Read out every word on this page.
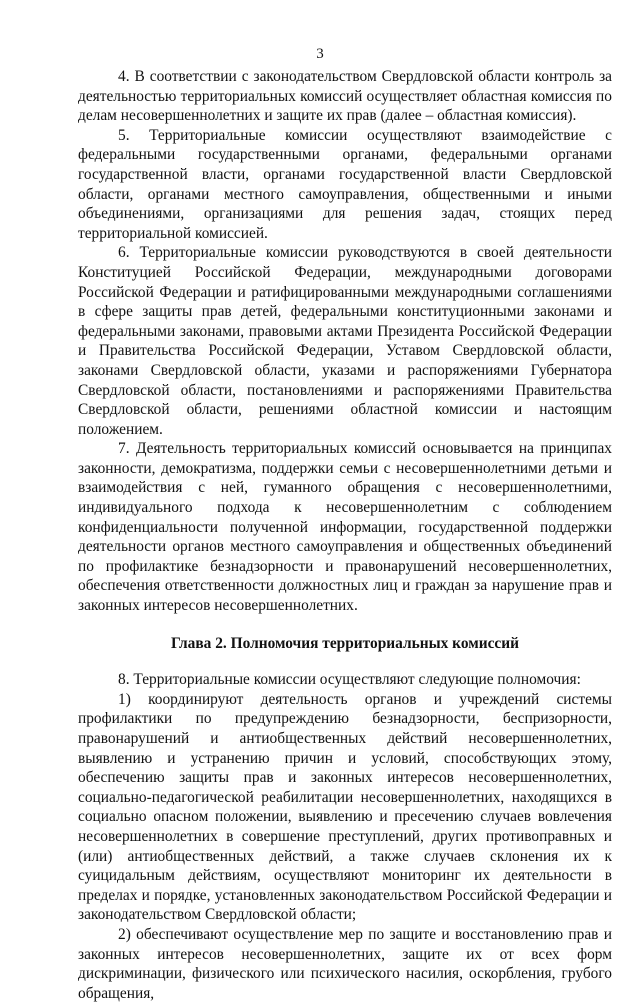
3

4. В соответствии с законодательством Свердловской области контроль за деятельностью территориальных комиссий осуществляет областная комиссия по делам несовершеннолетних и защите их прав (далее – областная комиссия).

5. Территориальные комиссии осуществляют взаимодействие с федеральными государственными органами, федеральными органами государственной власти, органами государственной власти Свердловской области, органами местного самоуправления, общественными и иными объединениями, организациями для решения задач, стоящих перед территориальной комиссией.

6. Территориальные комиссии руководствуются в своей деятельности Конституцией Российской Федерации, международными договорами Российской Федерации и ратифицированными международными соглашениями в сфере защиты прав детей, федеральными конституционными законами и федеральными законами, правовыми актами Президента Российской Федерации и Правительства Российской Федерации, Уставом Свердловской области, законами Свердловской области, указами и распоряжениями Губернатора Свердловской области, постановлениями и распоряжениями Правительства Свердловской области, решениями областной комиссии и настоящим положением.

7. Деятельность территориальных комиссий основывается на принципах законности, демократизма, поддержки семьи с несовершеннолетними детьми и взаимодействия с ней, гуманного обращения с несовершеннолетними, индивидуального подхода к несовершеннолетним с соблюдением конфиденциальности полученной информации, государственной поддержки деятельности органов местного самоуправления и общественных объединений по профилактике безнадзорности и правонарушений несовершеннолетних, обеспечения ответственности должностных лиц и граждан за нарушение прав и законных интересов несовершеннолетних.

Глава 2. Полномочия территориальных комиссий

8. Территориальные комиссии осуществляют следующие полномочия:

1) координируют деятельность органов и учреждений системы профилактики по предупреждению безнадзорности, беспризорности, правонарушений и антиобщественных действий несовершеннолетних, выявлению и устранению причин и условий, способствующих этому, обеспечению защиты прав и законных интересов несовершеннолетних, социально-педагогической реабилитации несовершеннолетних, находящихся в социально опасном положении, выявлению и пресечению случаев вовлечения несовершеннолетних в совершение преступлений, других противоправных и (или) антиобщественных действий, а также случаев склонения их к суицидальным действиям, осуществляют мониторинг их деятельности в пределах и порядке, установленных законодательством Российской Федерации и законодательством Свердловской области;

2) обеспечивают осуществление мер по защите и восстановлению прав и законных интересов несовершеннолетних, защите их от всех форм дискриминации, физического или психического насилия, оскорбления, грубого обращения,
